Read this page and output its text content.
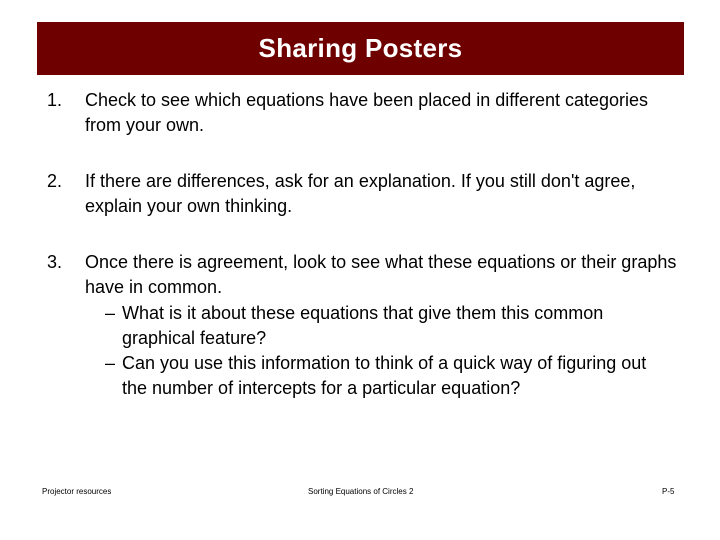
Sharing Posters
1.	Check to see which equations have been placed in different categories from your own.
2.	If there are differences, ask for an explanation. If you still don't agree, explain your own thinking.
3.	Once there is agreement, look to see what these equations or their graphs have in common.
– What is it about these equations that give them this common graphical feature?
– Can you use this information to think of a quick way of figuring out the number of intercepts for a particular equation?
Projector resources	Sorting Equations of Circles 2	P-5
